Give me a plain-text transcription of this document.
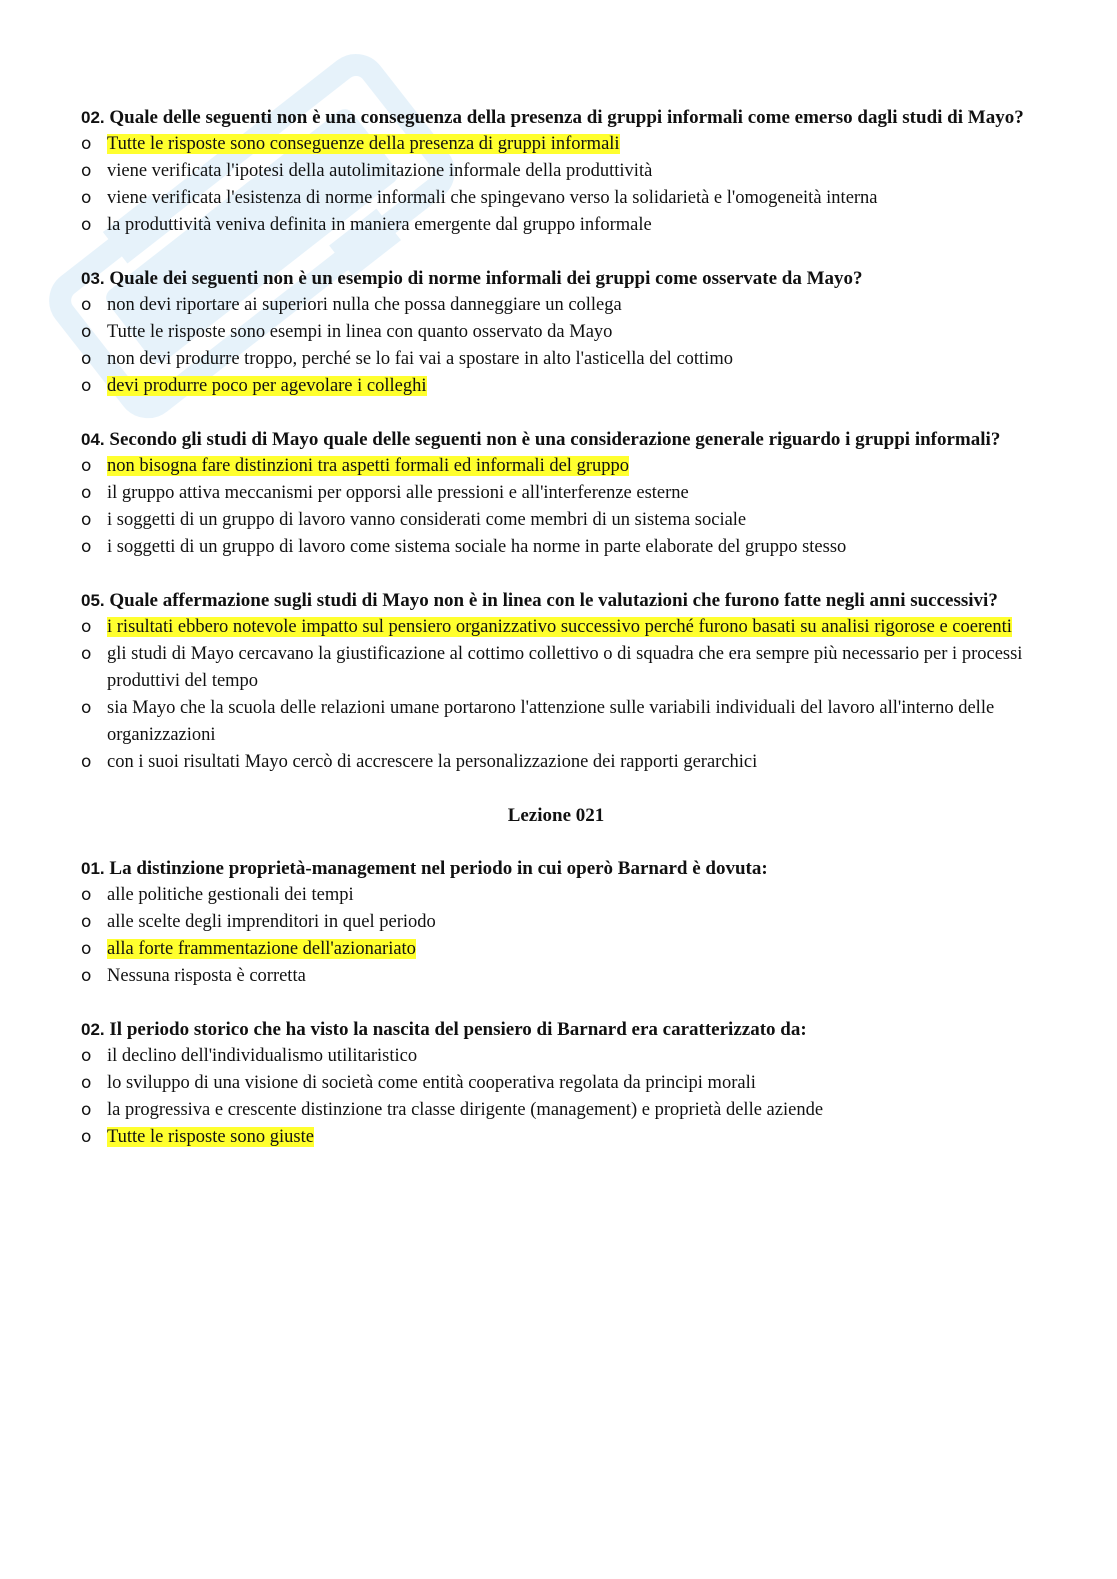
02. Quale delle seguenti non è una conseguenza della presenza di gruppi informali come emerso dagli studi di Mayo?

o Tutte le risposte sono conseguenze della presenza di gruppi informali
o viene verificata l'ipotesi della autolimitazione informale della produttività
o viene verificata l'esistenza di norme informali che spingevano verso la solidarietà e l'omogeneità interna
o la produttività veniva definita in maniera emergente dal gruppo informale

03. Quale dei seguenti non è un esempio di norme informali dei gruppi come osservate da Mayo?

o non devi riportare ai superiori nulla che possa danneggiare un collega
o Tutte le risposte sono esempi in linea con quanto osservato da Mayo
o non devi produrre troppo, perché se lo fai vai a spostare in alto l'asticella del cottimo
o devi produrre poco per agevolare i colleghi

04. Secondo gli studi di Mayo quale delle seguenti non è una considerazione generale riguardo i gruppi informali?

o non bisogna fare distinzioni tra aspetti formali ed informali del gruppo
o il gruppo attiva meccanismi per opporsi alle pressioni e all'interferenze esterne
o i soggetti di un gruppo di lavoro vanno considerati come membri di un sistema sociale
o i soggetti di un gruppo di lavoro come sistema sociale ha norme in parte elaborate del gruppo stesso

05. Quale affermazione sugli studi di Mayo non è in linea con le valutazioni che furono fatte negli anni successivi?

o i risultati ebbero notevole impatto sul pensiero organizzativo successivo perché furono basati su analisi rigorose e coerenti
o gli studi di Mayo cercavano la giustificazione al cottimo collettivo o di squadra che era sempre più necessario per i processi produttivi del tempo
o sia Mayo che la scuola delle relazioni umane portarono l'attenzione sulle variabili individuali del lavoro all'interno delle organizzazioni
o con i suoi risultati Mayo cercò di accrescere la personalizzazione dei rapporti gerarchici
Lezione 021

01. La distinzione proprietà-management nel periodo in cui operò Barnard è dovuta:

o alle politiche gestionali dei tempi
o alle scelte degli imprenditori in quel periodo
o alla forte frammentazione dell'azionariato
o Nessuna risposta è corretta

02. Il periodo storico che ha visto la nascita del pensiero di Barnard era caratterizzato da:

o il declino dell'individualismo utilitaristico
o lo sviluppo di una visione di società come entità cooperativa regolata da principi morali
o la progressiva e crescente distinzione tra classe dirigente (management) e proprietà delle aziende
o Tutte le risposte sono giuste
